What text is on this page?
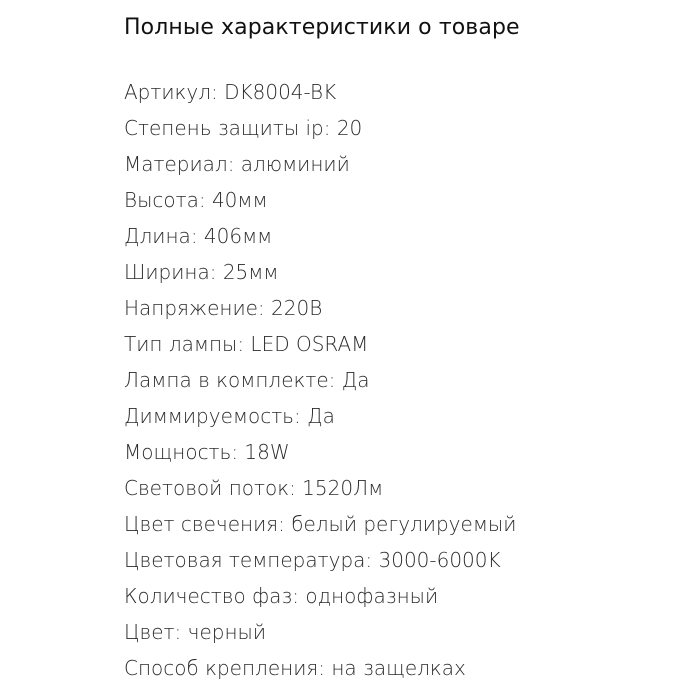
Полные характеристики о товаре
Артикул: DK8004-BK
Степень защиты ip: 20
Материал: алюминий
Высота: 40мм
Длина: 406мм
Ширина: 25мм
Напряжение: 220В
Тип лампы: LED OSRAM
Лампа в комплекте: Да
Диммируемость: Да
Мощность: 18W
Световой поток: 1520Лм
Цвет свечения: белый регулируемый
Цветовая температура: 3000-6000K
Количество фаз: однофазный
Цвет: черный
Способ крепления: на защелках
